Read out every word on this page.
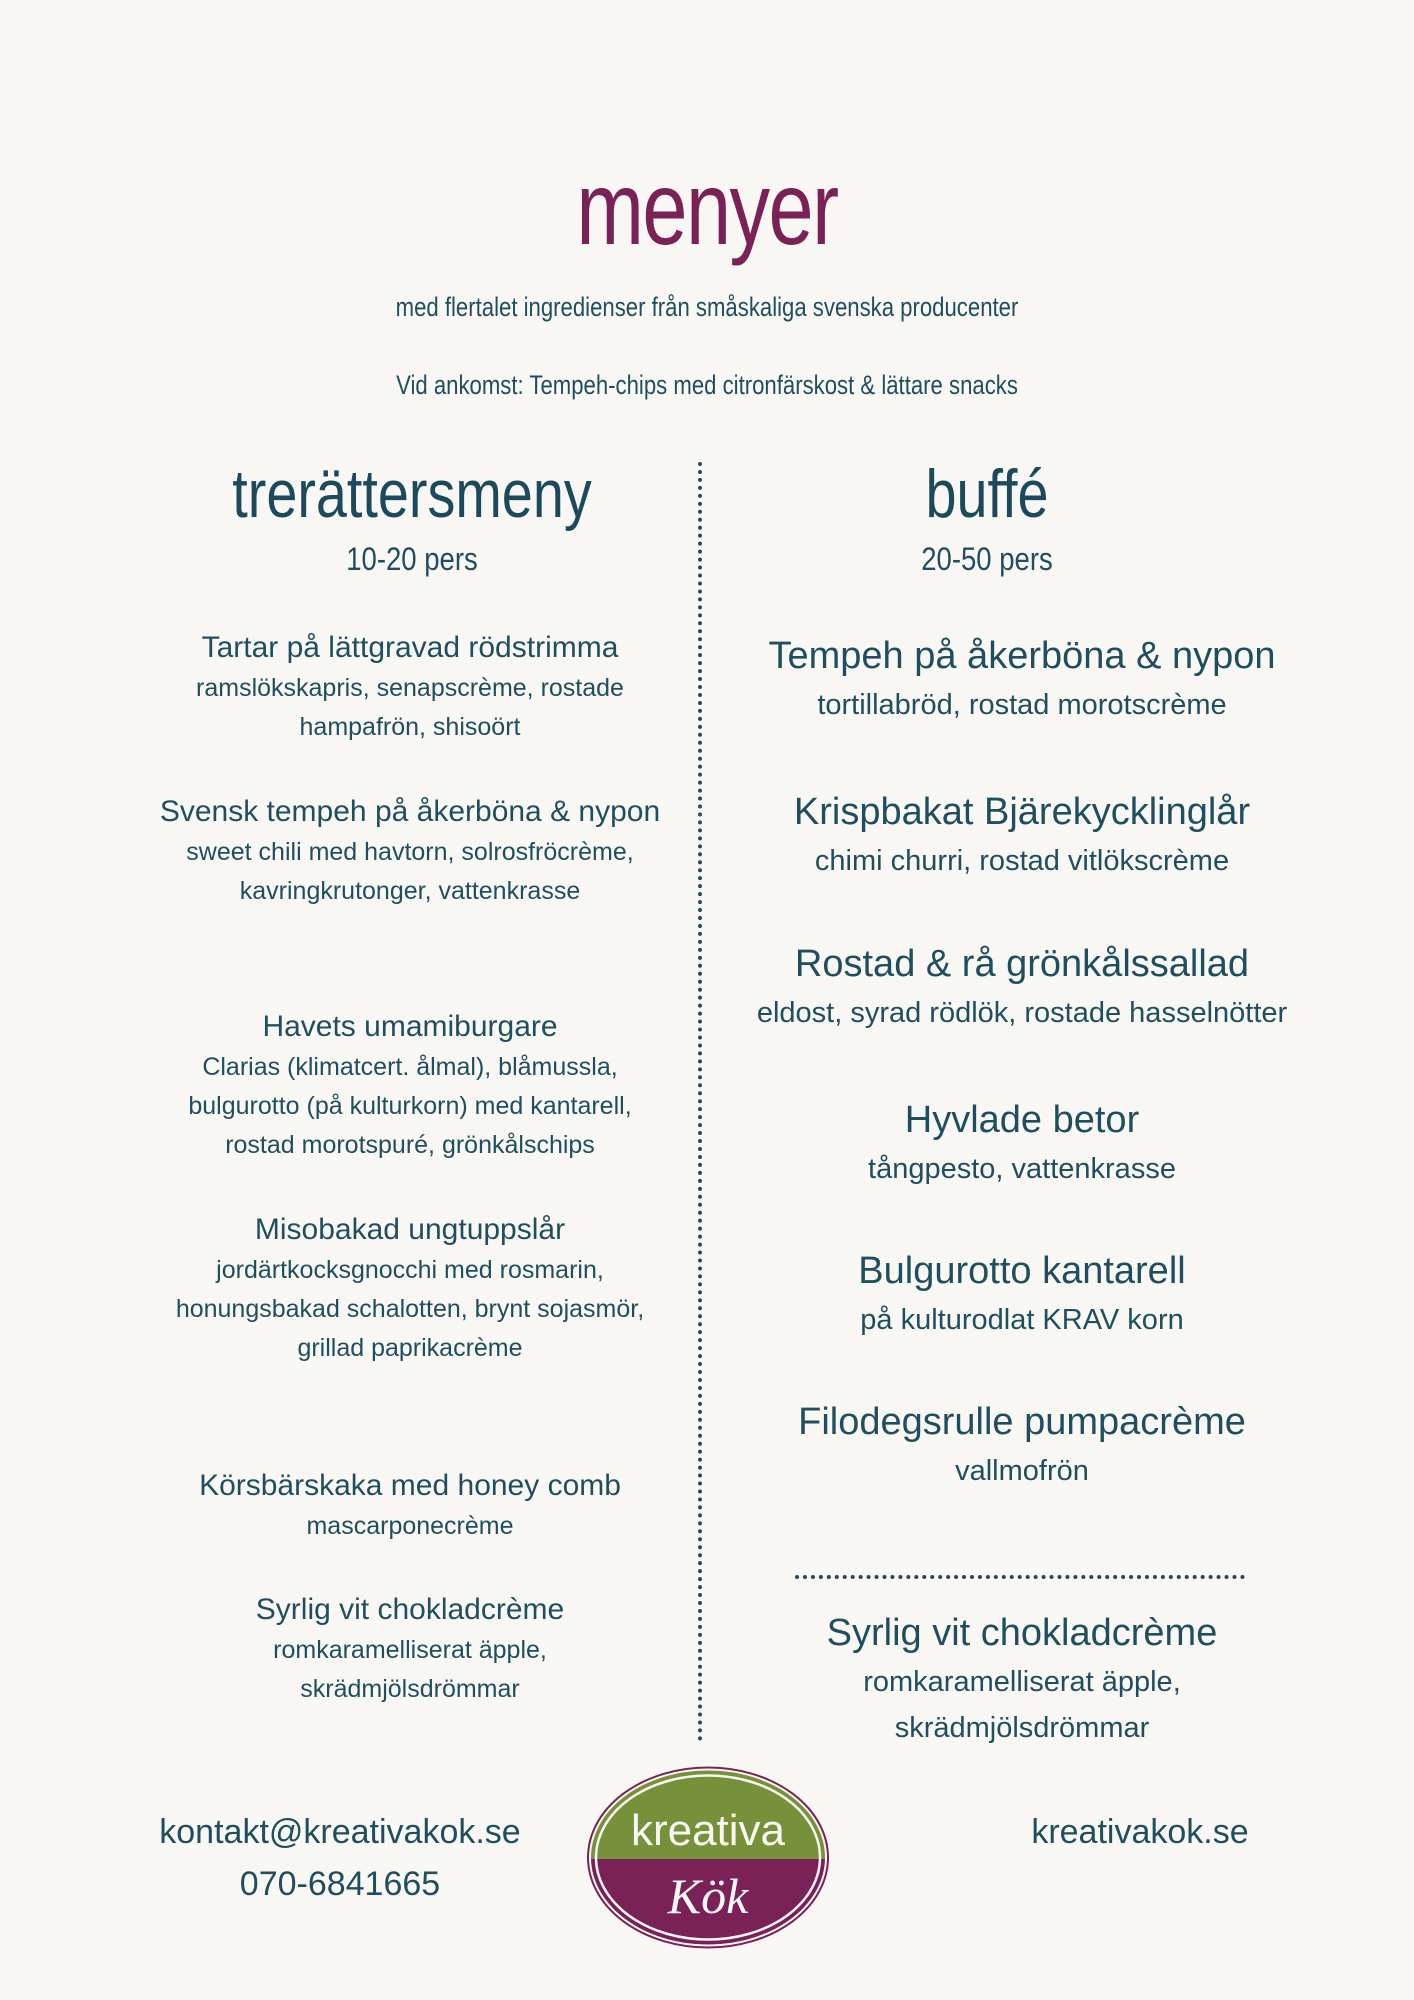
menyer
med flertalet ingredienser från småskaliga svenska producenter
Vid ankomst: Tempeh-chips med citronfärskost & lättare snacks
trerättersmeny
10-20 pers
Tartar på lättgravad rödstrimma
ramslökskapris, senapscrème, rostade
hampafrön, shisoört
Svensk tempeh på åkerböna & nypon
sweet chili med havtorn, solrosfröcrème,
kavringkrutonger, vattenkrasse
Havets umamiburgare
Clarias (klimatcert. ålmal), blåmussla,
bulgurotto (på kulturkorn) med kantarell,
rostad morotspuré, grönkålschips
Misobakad ungtuppslår
jordärtkocksgnocchi med rosmarin,
honungsbakad schalotten, brynt sojasmör,
grillad paprikacrème
Körsbärskaka med honey comb
mascarponecrème
Syrlig vit chokladcrème
romkaramelliserat äpple,
skrädmjölsdrömmar
buffé
20-50 pers
Tempeh på åkerböna & nypon
tortillabröd, rostad morotscrème
Krispbakat Bjärekycklinglår
chimi churri, rostad vitlökscrème
Rostad & rå grönkålssallad
eldost, syrad rödlök, rostade hasselnötter
Hyvlade betor
tångpesto, vattenkrasse
Bulgurotto kantarell
på kulturodlat KRAV korn
Filodegsrulle pumpacrème
vallmofrön
Syrlig vit chokladcrème
romkaramelliserat äpple,
skrädmjölsdrömmar
kontakt@kreativakok.se
070-6841665
kreativa
Kök
kreativakok.se
